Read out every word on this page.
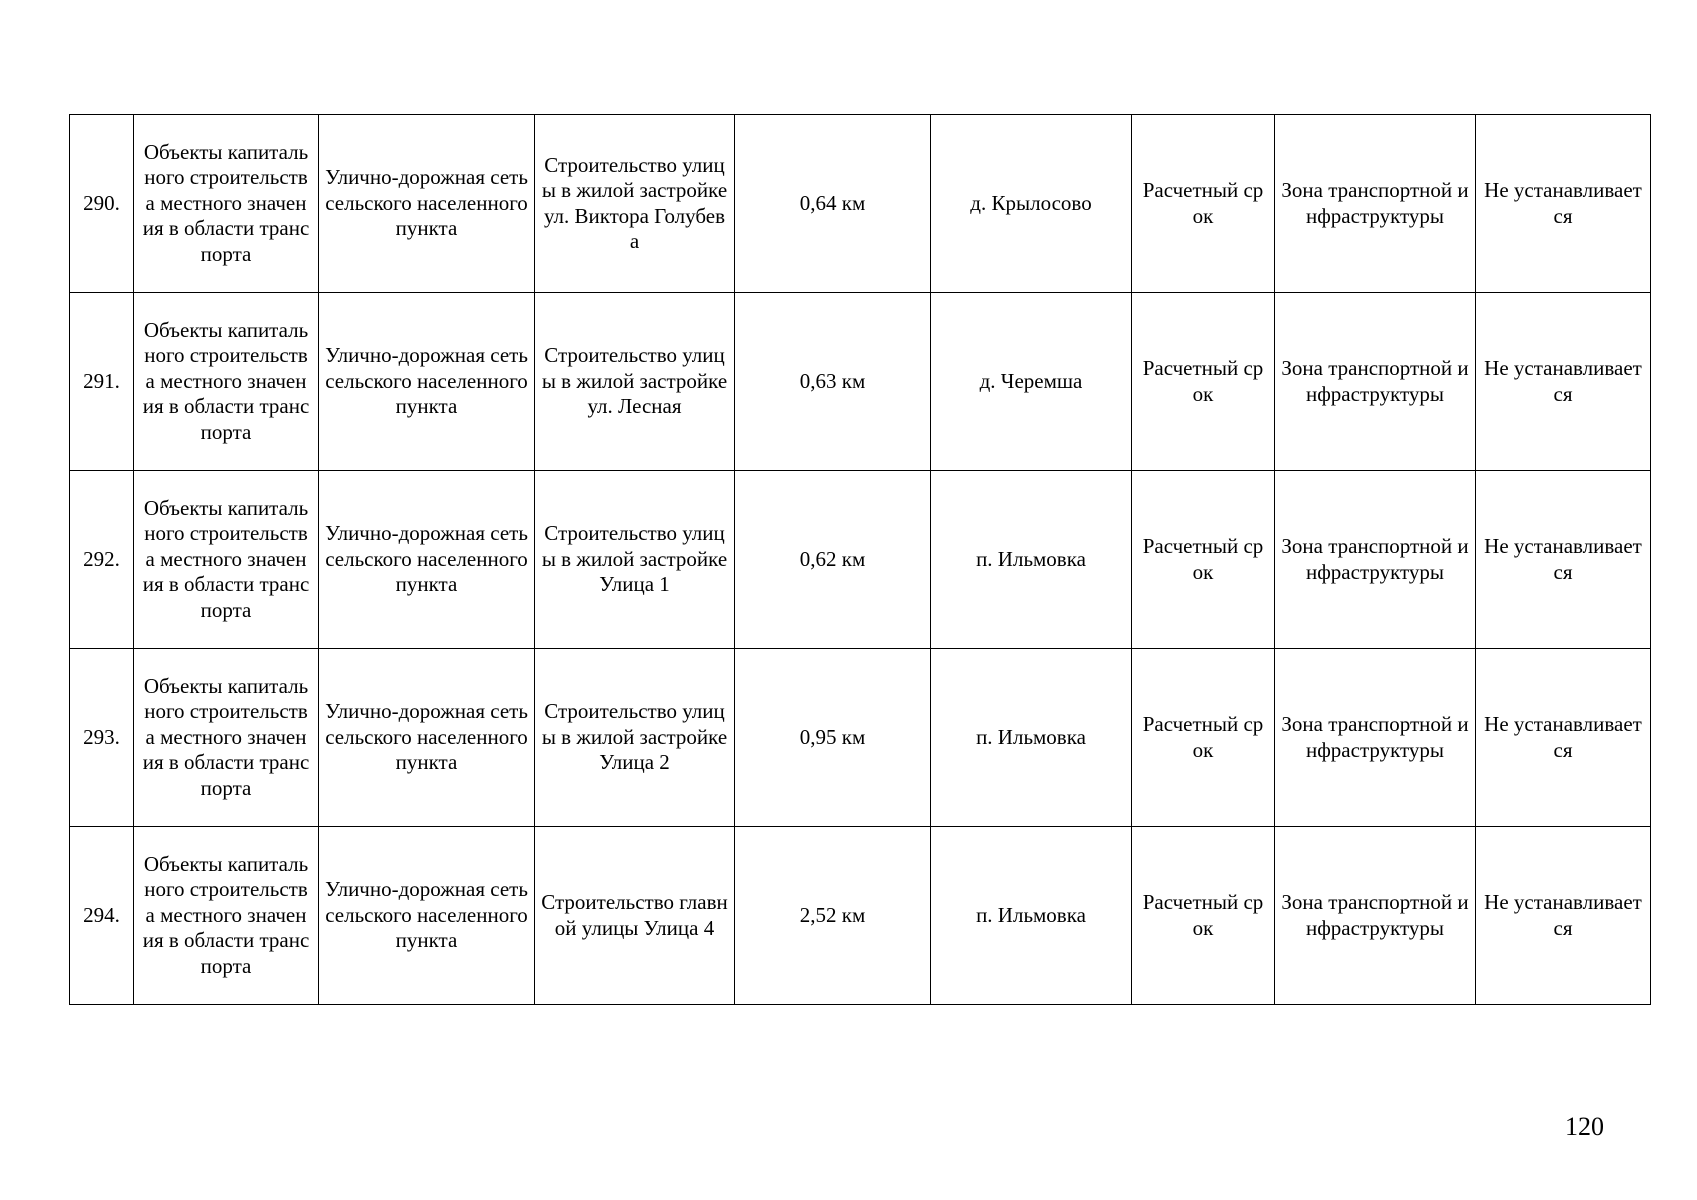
290.	Объекты капитального строительства местного значения в области транспорта	Улично-дорожная сеть сельского населенного пункта	Строительство улицы в жилой застройке ул. Виктора Голубева	0,64 км	д. Крылосово	Расчетный срок	Зона транспортной инфраструктуры	Не устанавливается
291.	Объекты капитального строительства местного значения в области транспорта	Улично-дорожная сеть сельского населенного пункта	Строительство улицы в жилой застройке ул. Лесная	0,63 км	д. Черемша	Расчетный срок	Зона транспортной инфраструктуры	Не устанавливается
292.	Объекты капитального строительства местного значения в области транспорта	Улично-дорожная сеть сельского населенного пункта	Строительство улицы в жилой застройке Улица 1	0,62 км	п. Ильмовка	Расчетный срок	Зона транспортной инфраструктуры	Не устанавливается
293.	Объекты капитального строительства местного значения в области транспорта	Улично-дорожная сеть сельского населенного пункта	Строительство улицы в жилой застройке Улица 2	0,95 км	п. Ильмовка	Расчетный срок	Зона транспортной инфраструктуры	Не устанавливается
294.	Объекты капитального строительства местного значения в области транспорта	Улично-дорожная сеть сельского населенного пункта	Строительство главной улицы Улица 4	2,52 км	п. Ильмовка	Расчетный срок	Зона транспортной инфраструктуры	Не устанавливается
120
